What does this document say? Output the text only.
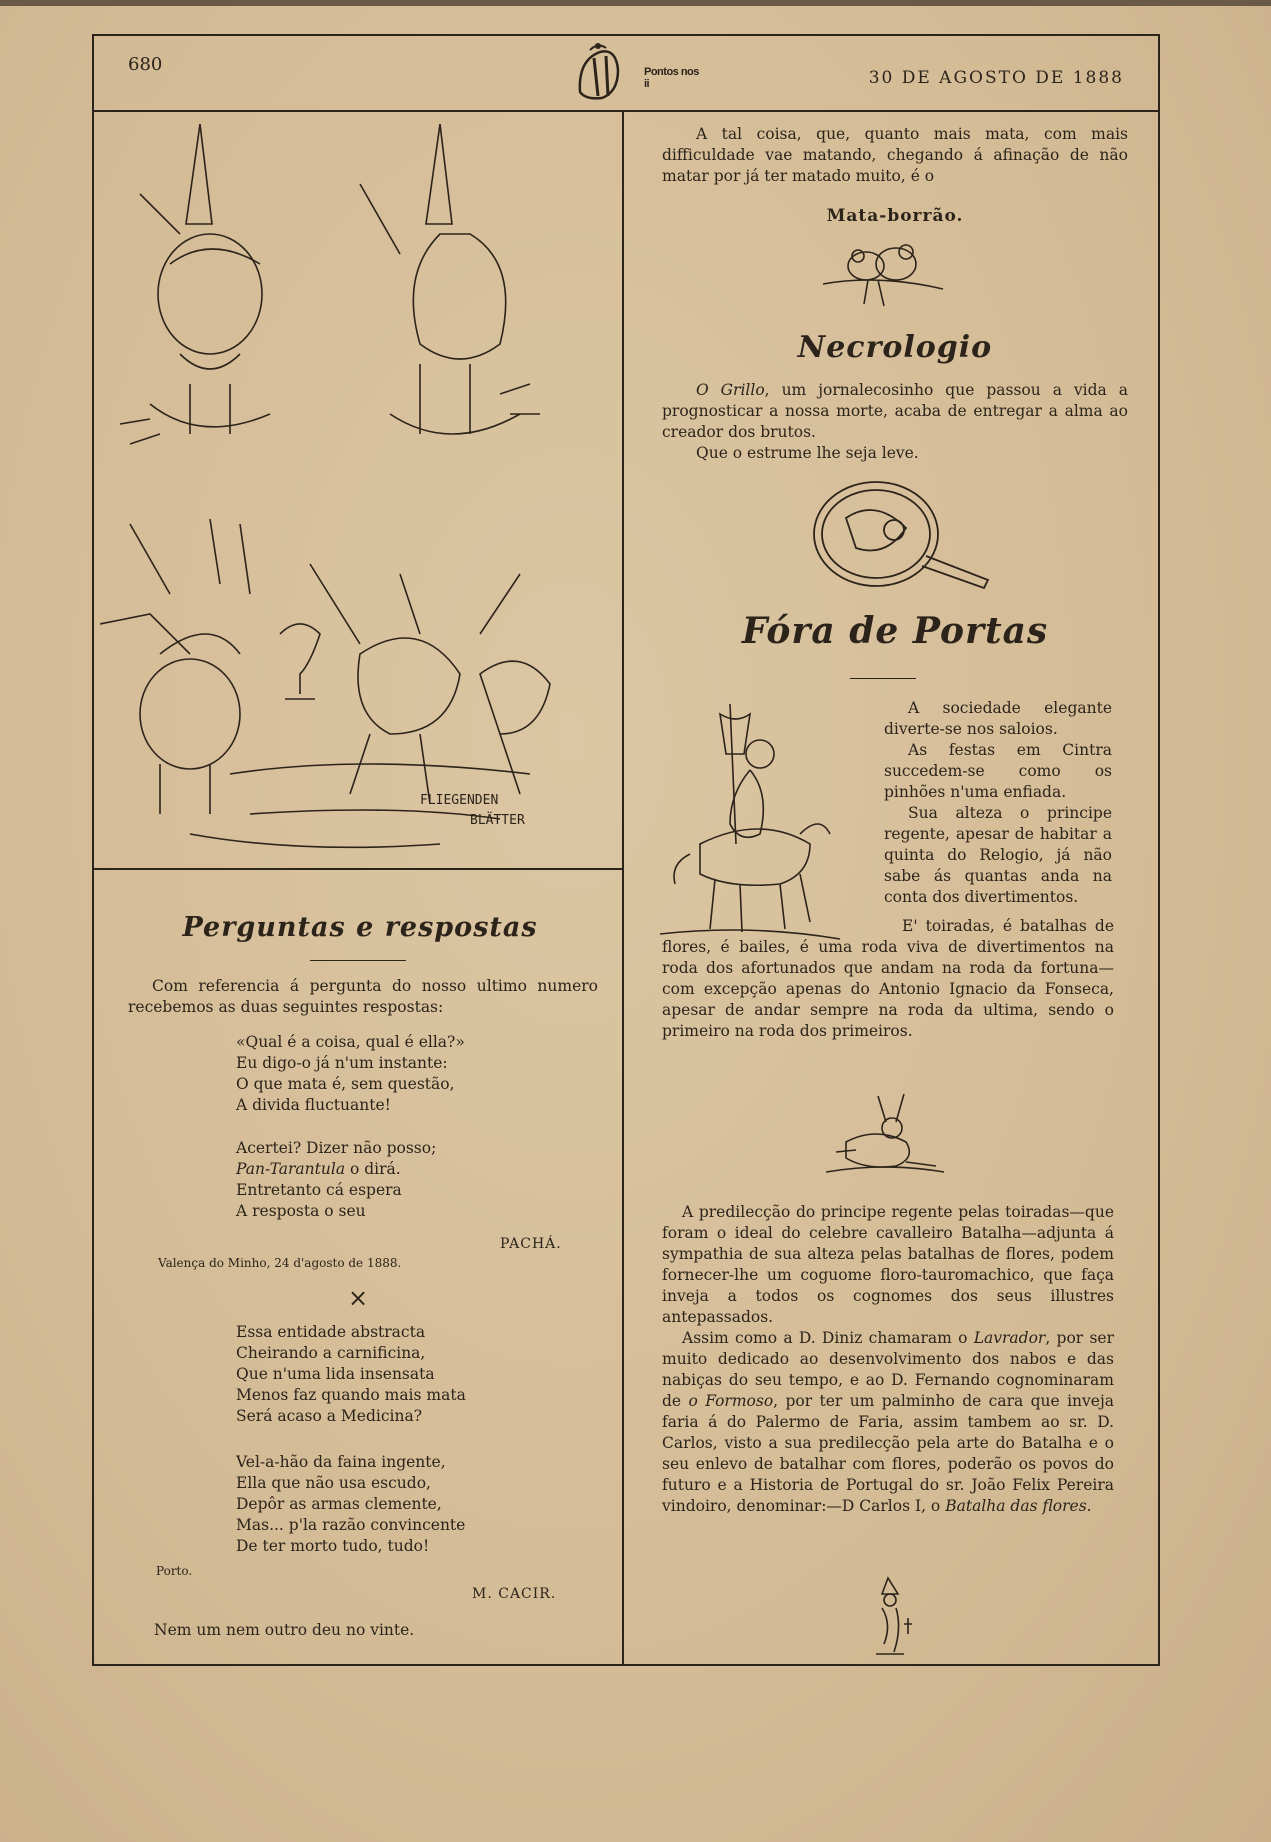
680	Pontos nos ii	30 DE AGOSTO DE 1888
FLIEGENDEN
BLÄTTER
Perguntas e respostas

Com referencia á pergunta do nosso ultimo numero recebemos as duas seguintes respostas:

«Qual é a coisa, qual é ella?»
Eu digo-o já n'um instante:
O que mata é, sem questão,
A divida fluctuante!
Acertei? Dizer não posso;
Pan-Tarantula o dirá.
Entretanto cá espera
A resposta o seu
PACHÁ.
Valença do Minho, 24 d'agosto de 1888.
×
Essa entidade abstracta
Cheirando a carnificina,
Que n'uma lida insensata
Menos faz quando mais mata
Será acaso a Medicina?
Vel-a-hão da faina ingente,
Ella que não usa escudo,
Depôr as armas clemente,
Mas... p'la razão convincente
De ter morto tudo, tudo!
Porto.
M. CACIR.
Nem um nem outro deu no vinte.

A tal coisa, que, quanto mais mata, com mais difficuldade vae matando, chegando á afinação de não matar por já ter matado muito, é o

Mata-borrão.
Necrologio

O Grillo, um jornalecosinho que passou a vida a prognosticar a nossa morte, acaba de entregar a alma ao creador dos brutos.

Que o estrume lhe seja leve.

Fóra de Portas

A sociedade elegante diverte-se nos saloios.

As festas em Cintra succedem-se como os pinhões n'uma enfiada.

Sua alteza o principe regente, apesar de habitar a quinta do Relogio, já não sabe ás quantas anda na conta dos divertimentos.

E' toiradas, é batalhas de flores, é bailes, é uma roda viva de divertimentos na roda dos afortunados que andam na roda da fortuna—com excepção apenas do Antonio Ignacio da Fonseca, apesar de andar sempre na roda da ultima, sendo o primeiro na roda dos primeiros.

A predilecção do principe regente pelas toiradas—que foram o ideal do celebre cavalleiro Batalha—adjunta á sympathia de sua alteza pelas batalhas de flores, podem fornecer-lhe um coguome floro-tauromachico, que faça inveja a todos os cognomes dos seus illustres antepassados.

Assim como a D. Diniz chamaram o Lavrador, por ser muito dedicado ao desenvolvimento dos nabos e das nabiças do seu tempo, e ao D. Fernando cognominaram de o Formoso, por ter um palminho de cara que inveja faria á do Palermo de Faria, assim tambem ao sr. D. Carlos, visto a sua predilecção pela arte do Batalha e o seu enlevo de batalhar com flores, poderão os povos do futuro e a Historia de Portugal do sr. João Felix Pereira vindoiro, denominar:—D Carlos I, o Batalha das flores.
